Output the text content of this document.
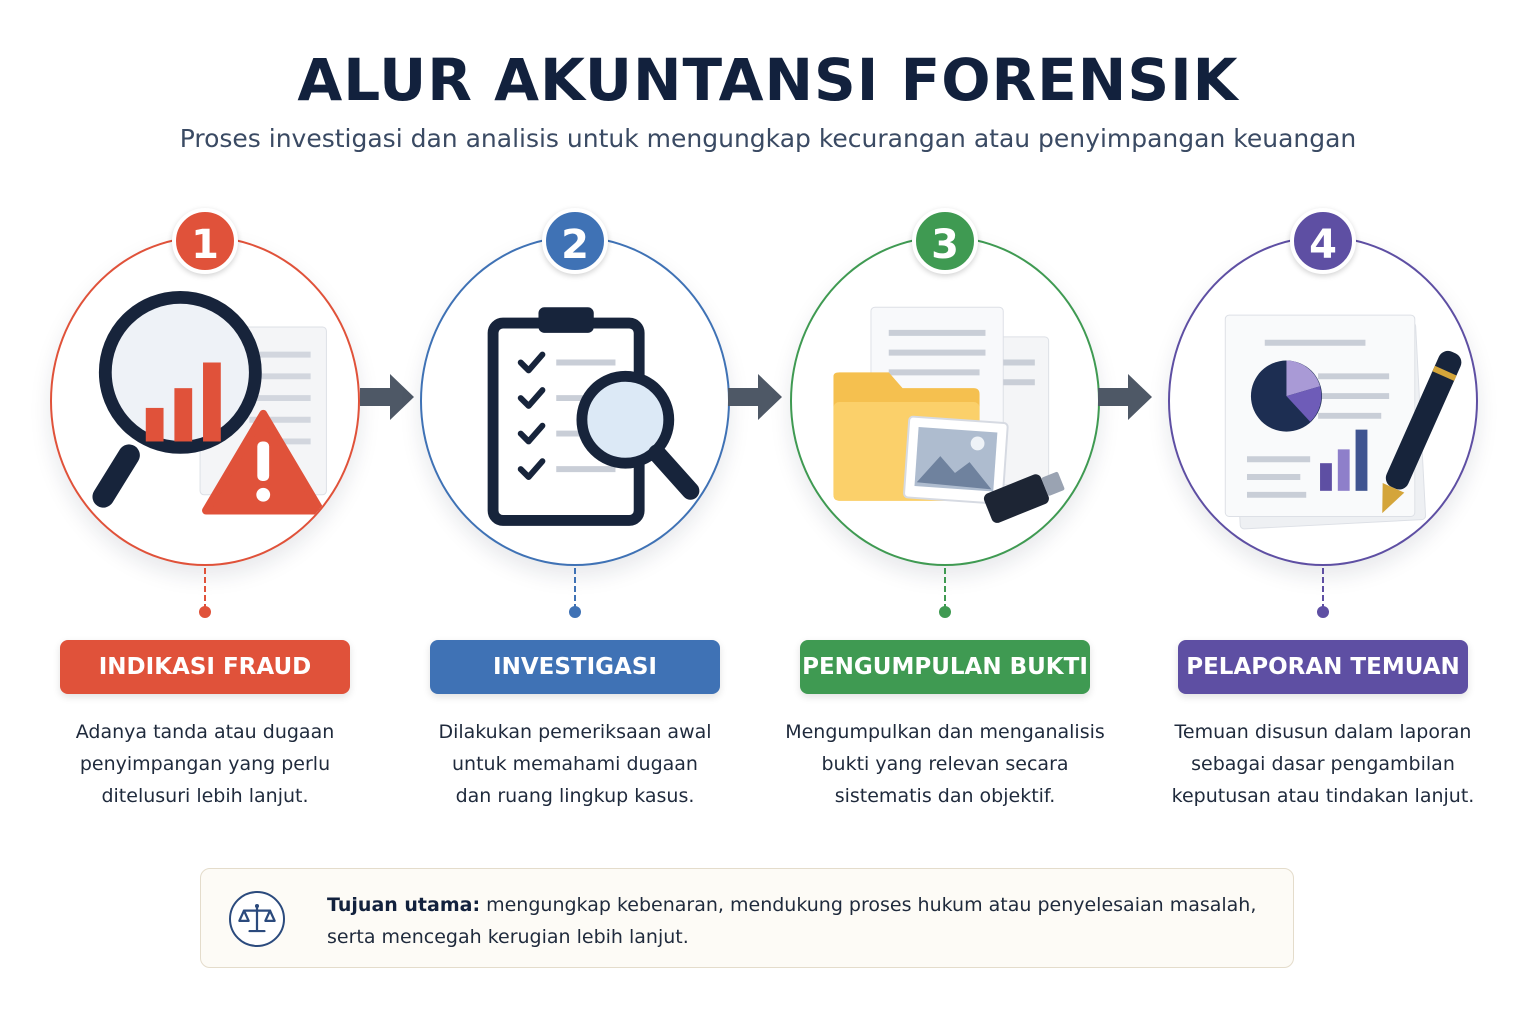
ALUR AKUNTANSI FORENSIK
Proses investigasi dan analisis untuk mengungkap kecurangan atau penyimpangan keuangan
1
INDIKASI FRAUD
Adanya tanda atau dugaan
penyimpangan yang perlu
ditelusuri lebih lanjut.
2
INVESTIGASI
Dilakukan pemeriksaan awal
untuk memahami dugaan
dan ruang lingkup kasus.
3
PENGUMPULAN BUKTI
Mengumpulkan dan menganalisis
bukti yang relevan secara
sistematis dan objektif.
4
PELAPORAN TEMUAN
Temuan disusun dalam laporan
sebagai dasar pengambilan
keputusan atau tindakan lanjut.
Tujuan utama: mengungkap kebenaran, mendukung proses hukum atau penyelesaian masalah,
serta mencegah kerugian lebih lanjut.
